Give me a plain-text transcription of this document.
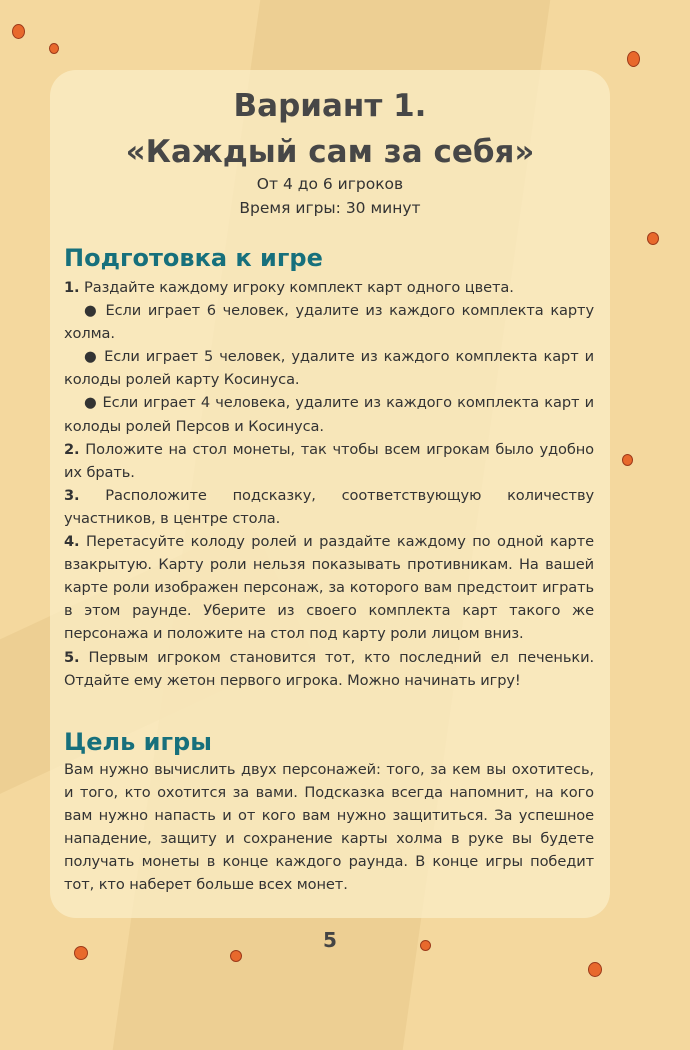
Вариант 1.
«Каждый сам за себя»
От 4 до 6 игроков
Время игры: 30 минут
Подготовка к игре

1. Раздайте каждому игроку комплект карт одного цвета.

● Если играет 6 человек, удалите из каждого комплекта карту холма.

● Если играет 5 человек, удалите из каждого комплекта карт и колоды ролей карту Косинуса.

● Если играет 4 человека, удалите из каждого комплекта карт и колоды ролей Персов и Косинуса.

2. Положите на стол монеты, так чтобы всем игрокам было удобно их брать.

3. Расположите подсказку, соответствующую количеству участников, в центре стола.

4. Перетасуйте колоду ролей и раздайте каждому по одной карте взакрытую. Карту роли нельзя показывать противникам. На вашей карте роли изображен персонаж, за которого вам предстоит играть в этом раунде. Уберите из своего комплекта карт такого же персонажа и положите на стол под карту роли лицом вниз.

5. Первым игроком становится тот, кто последний ел печеньки. Отдайте ему жетон первого игрока. Можно начинать игру!

Цель игры

Вам нужно вычислить двух персонажей: того, за кем вы охотитесь, и того, кто охотится за вами. Подсказка всегда напомнит, на кого вам нужно напасть и от кого вам нужно защититься. За успешное нападение, защиту и сохранение карты холма в руке вы будете получать монеты в конце каждого раунда. В конце игры победит тот, кто наберет больше всех монет.

5
